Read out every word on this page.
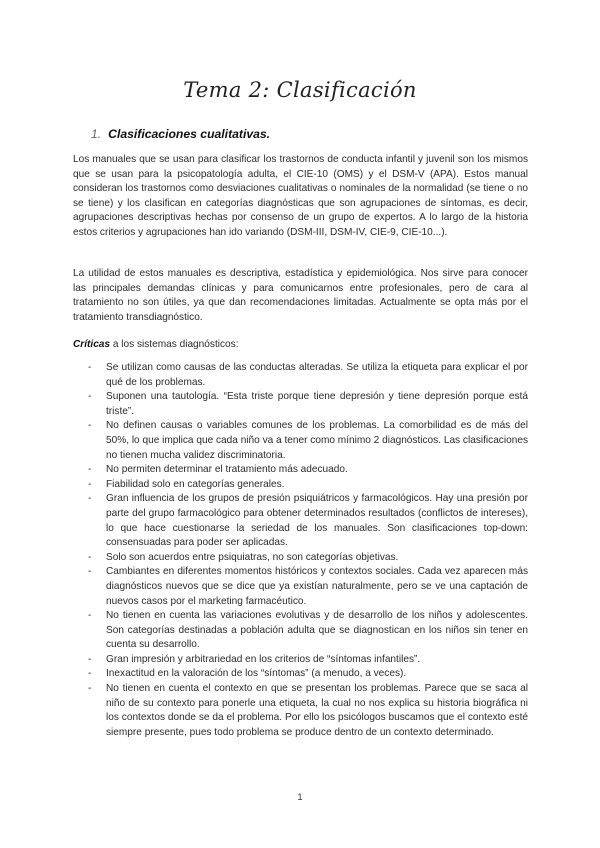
Tema 2: Clasificación
1. Clasificaciones cualitativas.

Los manuales que se usan para clasificar los trastornos de conducta infantil y juvenil son los mismos que se usan para la psicopatología adulta, el CIE-10 (OMS) y el DSM-V (APA). Estos manual consideran los trastornos como desviaciones cualitativas o nominales de la normalidad (se tiene o no se tiene) y los clasifican en categorías diagnósticas que son agrupaciones de síntomas, es decir, agrupaciones descriptivas hechas por consenso de un grupo de expertos. A lo largo de la historia estos criterios y agrupaciones han ido variando (DSM-III, DSM-IV, CIE-9, CIE-10...).

La utilidad de estos manuales es descriptiva, estadística y epidemiológica. Nos sirve para conocer las principales demandas clínicas y para comunicarnos entre profesionales, pero de cara al tratamiento no son útiles, ya que dan recomendaciones limitadas. Actualmente se opta más por el tratamiento transdiagnóstico.

Críticas a los sistemas diagnósticos:

- Se utilizan como causas de las conductas alteradas. Se utiliza la etiqueta para explicar el por qué de los problemas.
- Suponen una tautología. “Esta triste porque tiene depresión y tiene depresión porque está triste”.
- No definen causas o variables comunes de los problemas. La comorbilidad es de más del 50%, lo que implica que cada niño va a tener como mínimo 2 diagnósticos. Las clasificaciones no tienen mucha validez discriminatoria.
- No permiten determinar el tratamiento más adecuado.
- Fiabilidad solo en categorías generales.
- Gran influencia de los grupos de presión psiquiátricos y farmacológicos. Hay una presión por parte del grupo farmacológico para obtener determinados resultados (conflictos de intereses), lo que hace cuestionarse la seriedad de los manuales. Son clasificaciones top-down: consensuadas para poder ser aplicadas.
- Solo son acuerdos entre psiquiatras, no son categorías objetivas.
- Cambiantes en diferentes momentos históricos y contextos sociales. Cada vez aparecen más diagnósticos nuevos que se dice que ya existían naturalmente, pero se ve una captación de nuevos casos por el marketing farmacéutico.
- No tienen en cuenta las variaciones evolutivas y de desarrollo de los niños y adolescentes. Son categorías destinadas a población adulta que se diagnostican en los niños sin tener en cuenta su desarrollo.
- Gran impresión y arbitrariedad en los criterios de “síntomas infantiles”.
- Inexactitud en la valoración de los “síntomas” (a menudo, a veces).
- No tienen en cuenta el contexto en que se presentan los problemas. Parece que se saca al niño de su contexto para ponerle una etiqueta, la cual no nos explica su historia biográfica ni los contextos donde se da el problema. Por ello los psicólogos buscamos que el contexto esté siempre presente, pues todo problema se produce dentro de un contexto determinado.
1
